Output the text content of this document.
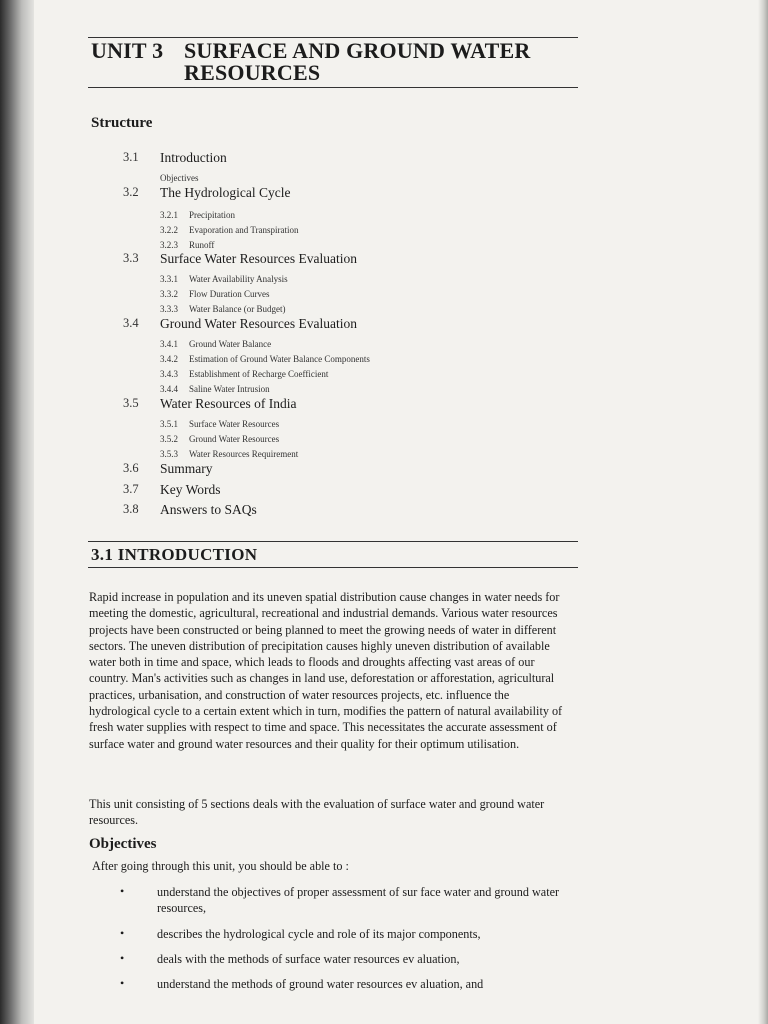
UNIT 3 SURFACE AND GROUND WATER RESOURCES
Structure
3.1 Introduction
Objectives
3.2 The Hydrological Cycle
3.2.1 Precipitation
3.2.2 Evaporation and Transpiration
3.2.3 Runoff
3.3 Surface Water Resources Evaluation
3.3.1 Water Availability Analysis
3.3.2 Flow Duration Curves
3.3.3 Water Balance (or Budget)
3.4 Ground Water Resources Evaluation
3.4.1 Ground Water Balance
3.4.2 Estimation of Ground Water Balance Components
3.4.3 Establishment of Recharge Coefficient
3.4.4 Saline Water Intrusion
3.5 Water Resources of India
3.5.1 Surface Water Resources
3.5.2 Ground Water Resources
3.5.3 Water Resources Requirement
3.6 Summary
3.7 Key Words
3.8 Answers to SAQs
3.1 INTRODUCTION
Rapid increase in population and its uneven spatial distribution cause changes in water needs for meeting the domestic, agricultural, recreational and industrial demands. Various water resources projects have been constructed or being planned to meet the growing needs of water in different sectors. The uneven distribution of precipitation causes highly uneven distribution of available water both in time and space, which leads to floods and droughts affecting vast areas of our country. Man's activities such as changes in land use, deforestation or afforestation, agricultural practices, urbanisation, and construction of water resources projects, etc. influence the hydrological cycle to a certain extent which in turn, modifies the pattern of natural availability of fresh water supplies with respect to time and space. This necessitates the accurate assessment of surface water and ground water resources and their quality for their optimum utilisation.
This unit consisting of 5 sections deals with the evaluation of surface water and ground water resources.
Objectives
After going through this unit, you should be able to :
•	understand the objectives of proper assessment of sur face water and ground water resources,
•	describes the hydrological cycle and role of its major components,
•	deals with the methods of surface water resources ev aluation,
•	understand the methods of ground water resources ev aluation, and
